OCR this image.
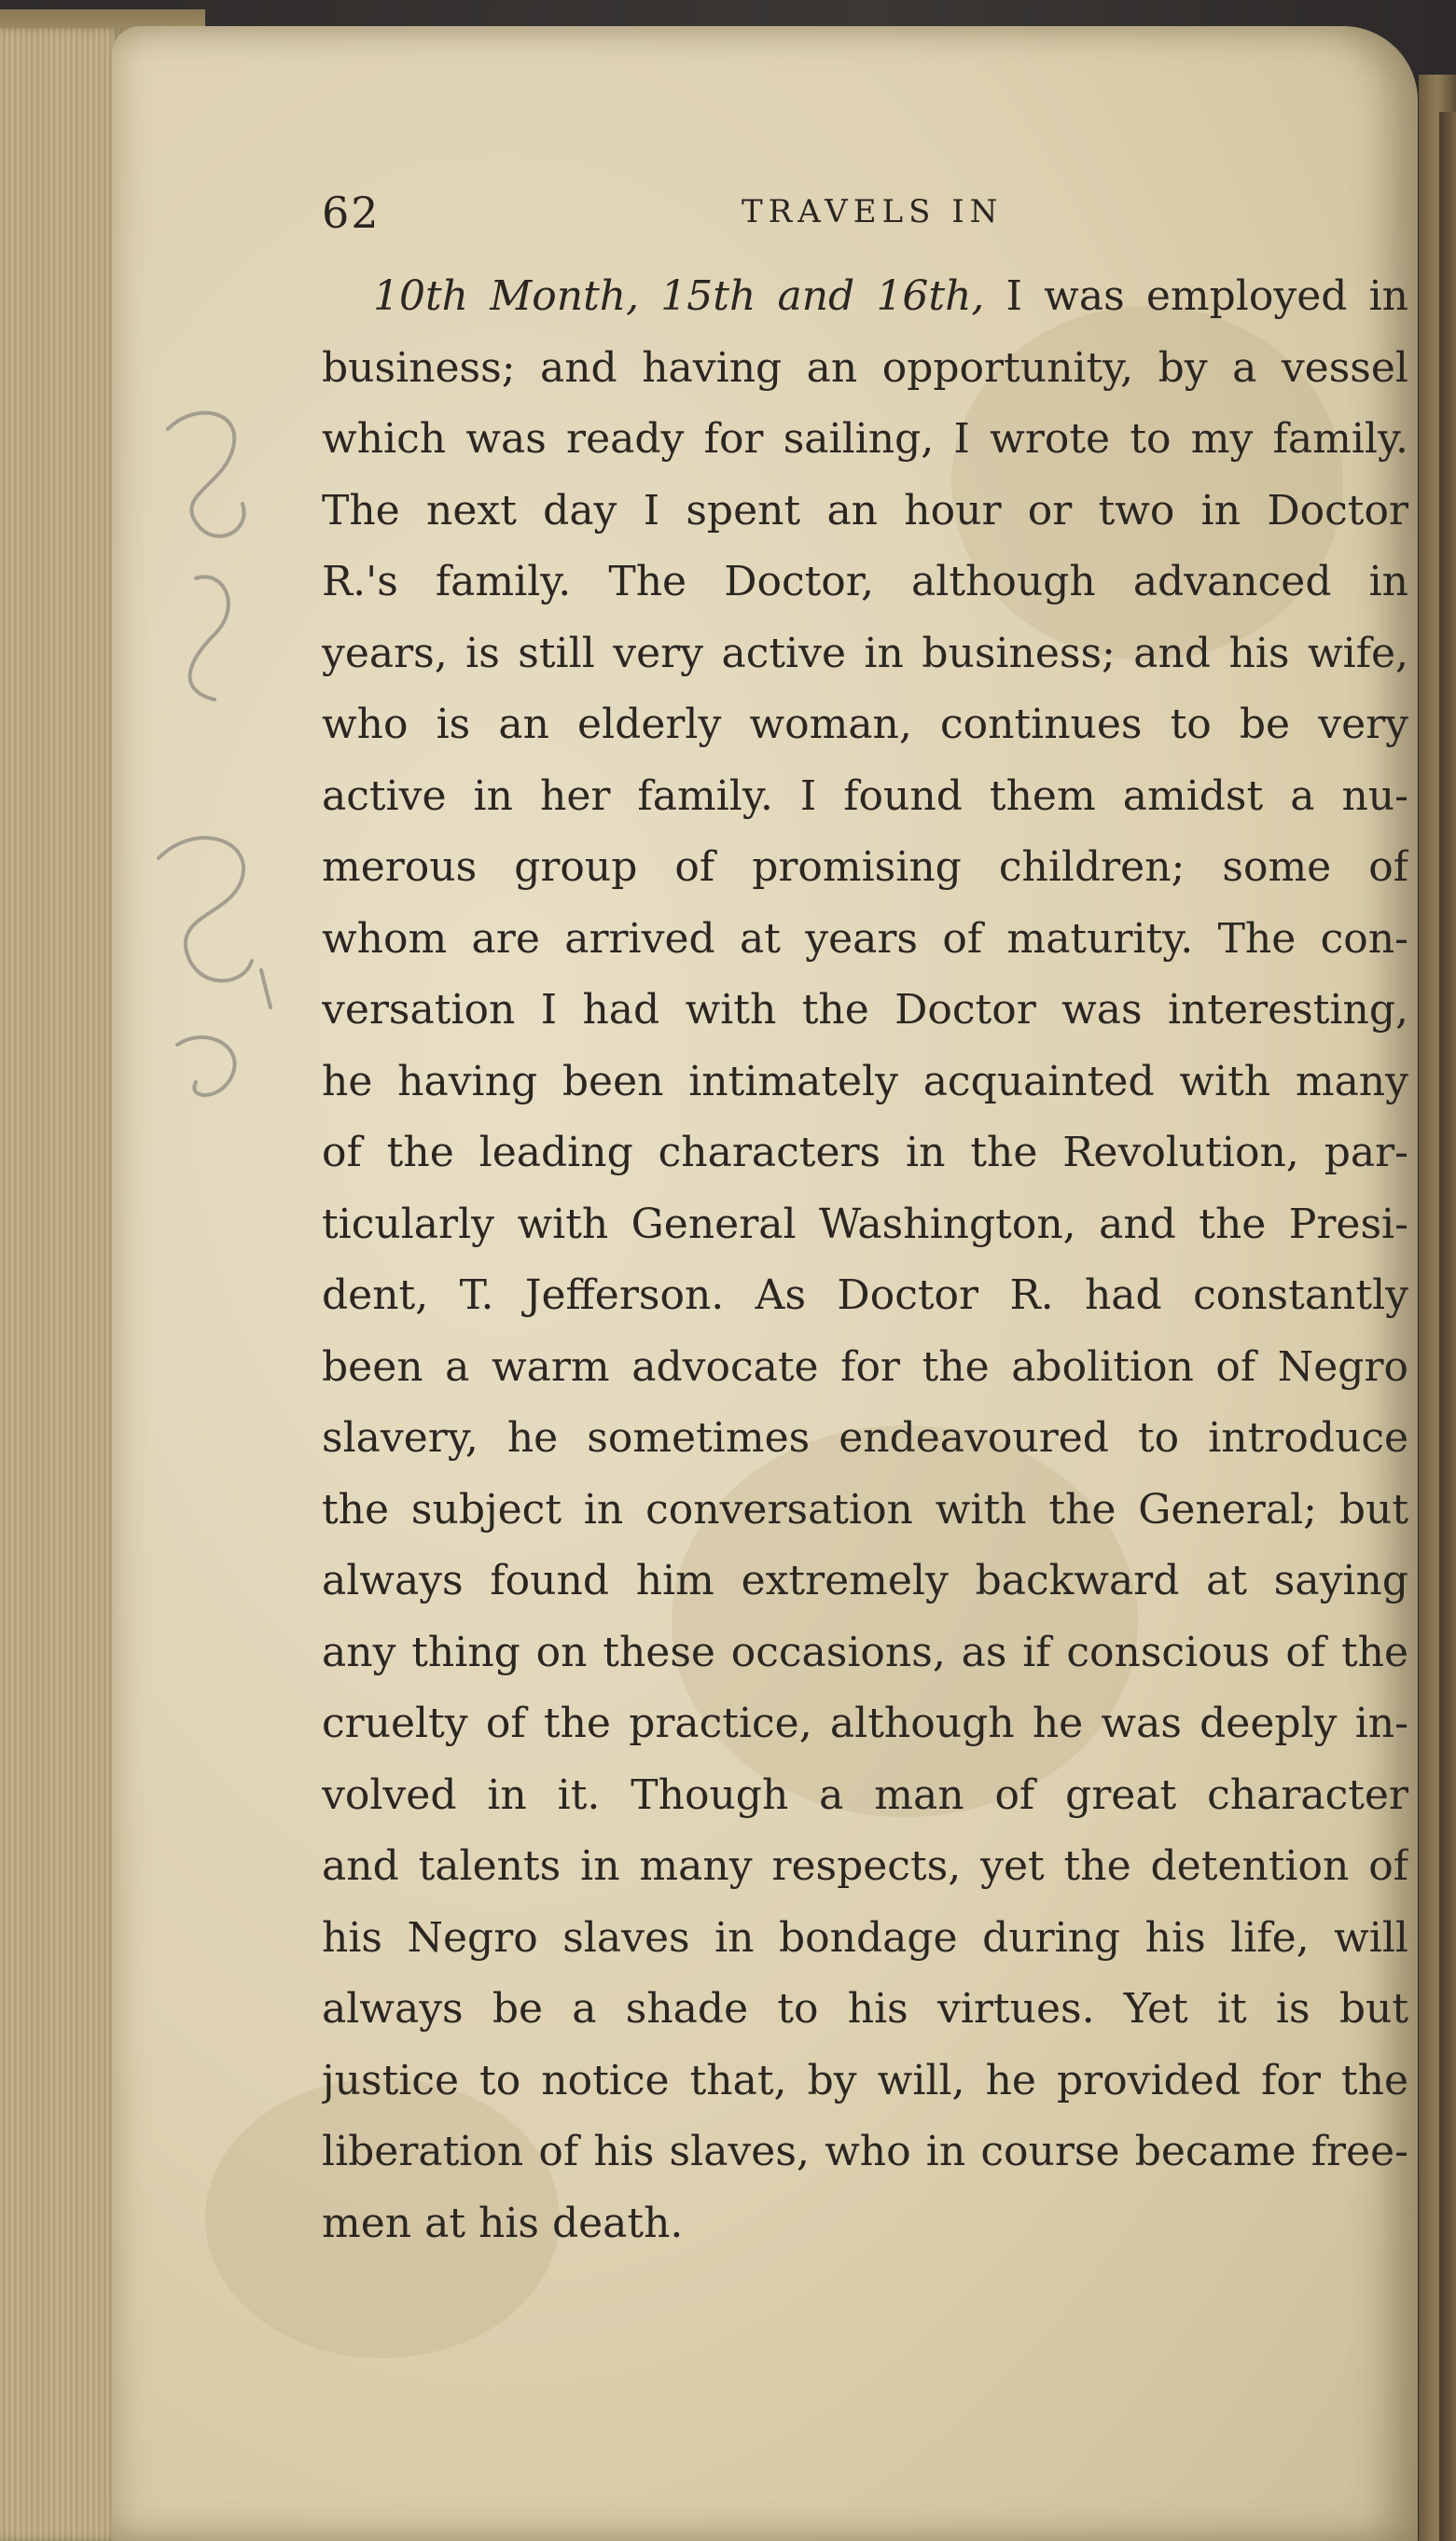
62	TRAVELS IN
10th Month, 15th and 16th, I was employed in
business; and having an opportunity, by a vessel
which was ready for sailing, I wrote to my family.
The next day I spent an hour or two in Doctor
R.'s family. The Doctor, although advanced in
years, is still very active in business; and his wife,
who is an elderly woman, continues to be very
active in her family. I found them amidst a nu-
merous group of promising children; some of
whom are arrived at years of maturity. The con-
versation I had with the Doctor was interesting,
he having been intimately acquainted with many
of the leading characters in the Revolution, par-
ticularly with General Washington, and the Presi-
dent, T. Jefferson. As Doctor R. had constantly
been a warm advocate for the abolition of Negro
slavery, he sometimes endeavoured to introduce
the subject in conversation with the General; but
always found him extremely backward at saying
any thing on these occasions, as if conscious of the
cruelty of the practice, although he was deeply in-
volved in it. Though a man of great character
and talents in many respects, yet the detention of
his Negro slaves in bondage during his life, will
always be a shade to his virtues. Yet it is but
justice to notice that, by will, he provided for the
liberation of his slaves, who in course became free-
men at his death.
